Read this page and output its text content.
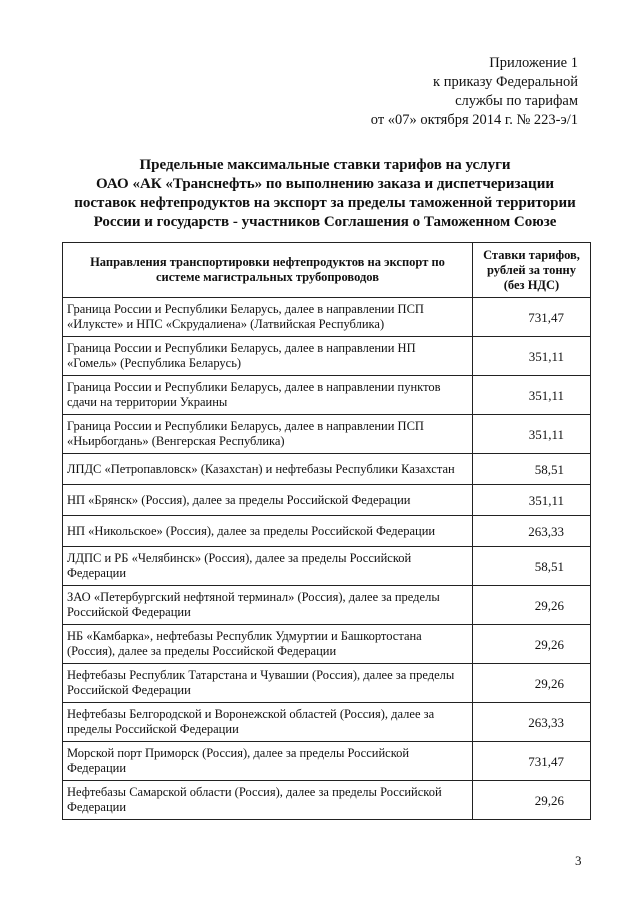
Приложение 1
к приказу Федеральной
службы по тарифам
от «07» октября 2014 г. № 223-э/1
Предельные максимальные ставки тарифов на услуги
ОАО «АК «Транснефть» по выполнению заказа и диспетчеризации
поставок нефтепродуктов на экспорт за пределы таможенной территории
России и государств - участников Соглашения о Таможенном Союзе
Направления транспортировки нефтепродуктов на экспорт по системе магистральных трубопроводов	Ставки тарифов, рублей за тонну (без НДС)
Граница России и Республики Беларусь, далее в направлении ПСП «Илуксте» и НПС «Скрудалиена» (Латвийская Республика)	731,47
Граница России и Республики Беларусь, далее в направлении НП «Гомель» (Республика Беларусь)	351,11
Граница России и Республики Беларусь, далее в направлении пунктов сдачи на территории Украины	351,11
Граница России и Республики Беларусь, далее в направлении ПСП «Ньирбогдань» (Венгерская Республика)	351,11
ЛПДС «Петропавловск» (Казахстан) и нефтебазы Республики Казахстан	58,51
НП «Брянск» (Россия), далее за пределы Российской Федерации	351,11
НП «Никольское» (Россия), далее за пределы Российской Федерации	263,33
ЛДПС и РБ «Челябинск» (Россия), далее за пределы Российской Федерации	58,51
ЗАО «Петербургский нефтяной терминал» (Россия), далее за пределы Российской Федерации	29,26
НБ «Камбарка», нефтебазы Республик Удмуртии и Башкортостана (Россия), далее за пределы Российской Федерации	29,26
Нефтебазы Республик Татарстана и Чувашии (Россия), далее за пределы Российской Федерации	29,26
Нефтебазы Белгородской и Воронежской областей (Россия), далее за пределы Российской Федерации	263,33
Морской порт Приморск (Россия), далее за пределы Российской Федерации	731,47
Нефтебазы Самарской области (Россия), далее за пределы Российской Федерации	29,26
3
